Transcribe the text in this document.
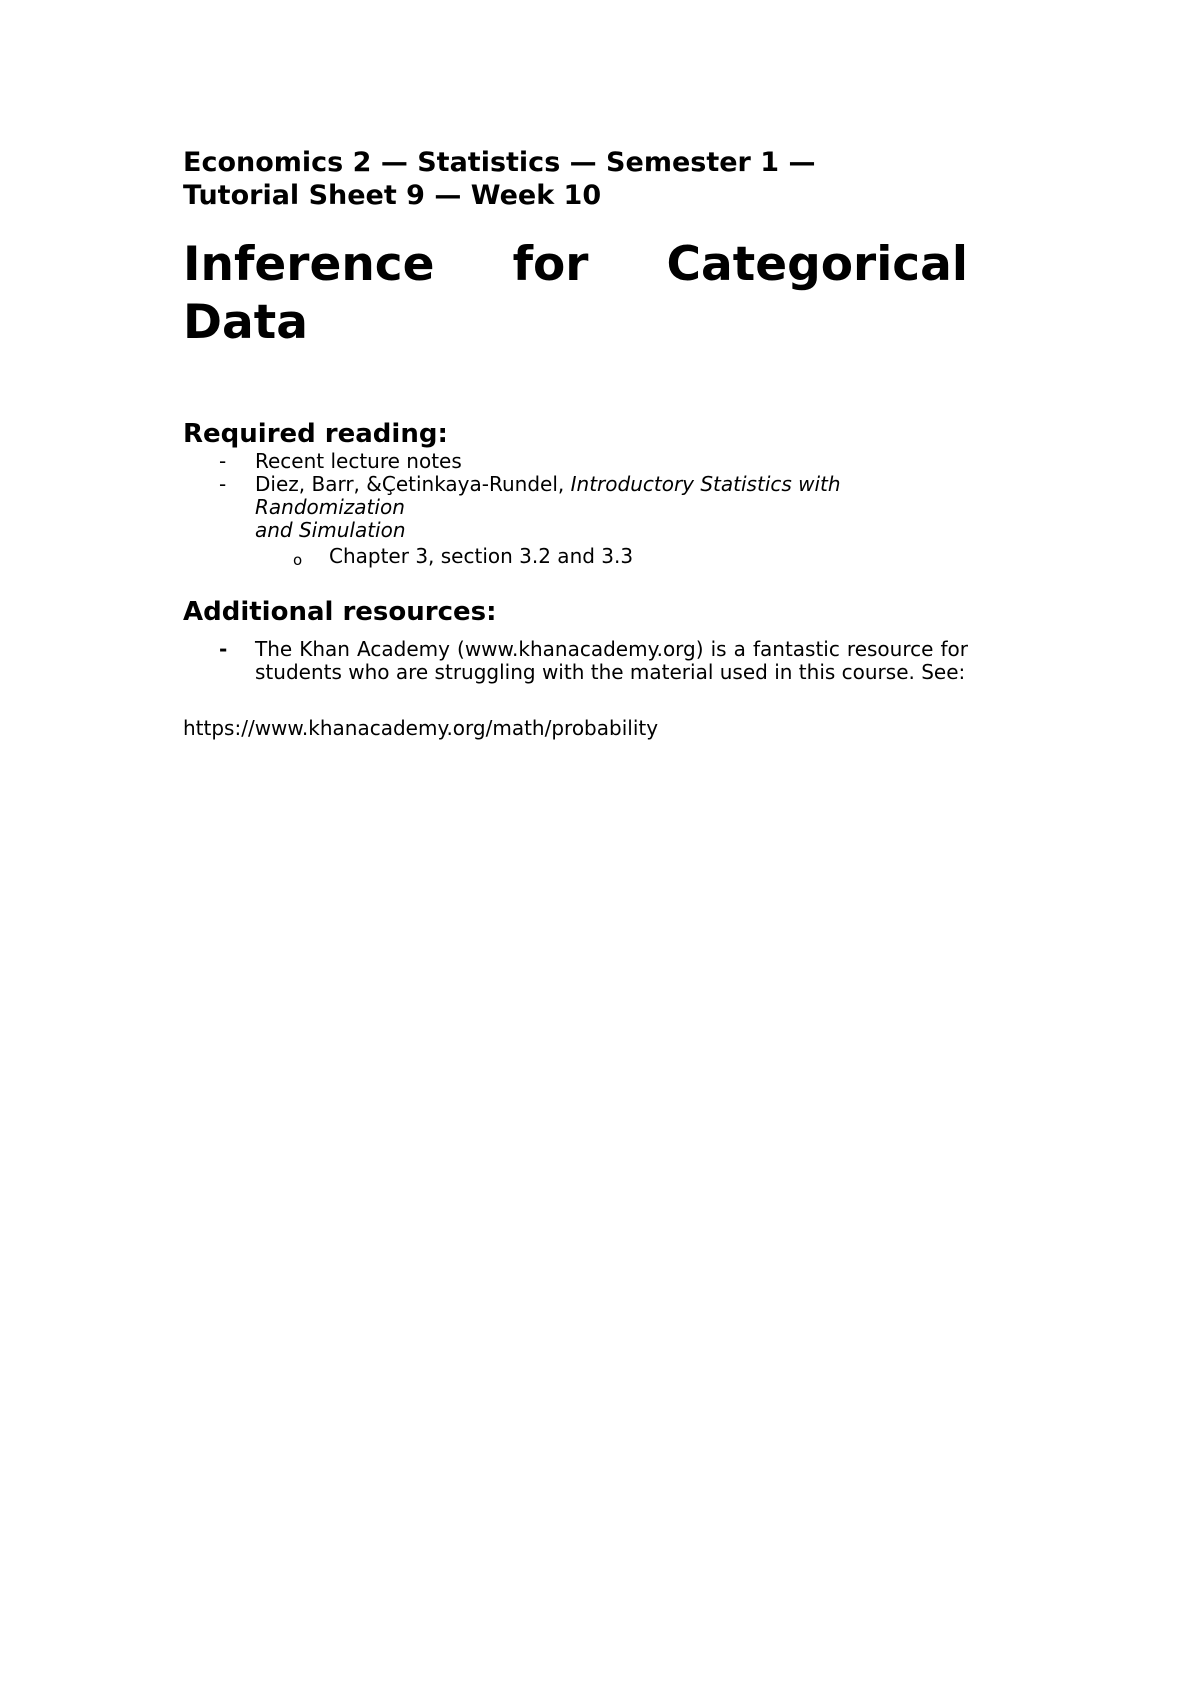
Economics 2 — Statistics — Semester 1 —
Tutorial Sheet 9 — Week 10
Inference for Categorical
Data
Required reading:
- Recent lecture notes
- Diez, Barr, &Çetinkaya-Rundel, Introductory Statistics with Randomization
and Simulation
o Chapter 3, section 3.2 and 3.3
Additional resources:
- The Khan Academy (www.khanacademy.org) is a fantastic resource for students who are struggling with the material used in this course. See:
https://www.khanacademy.org/math/probability
